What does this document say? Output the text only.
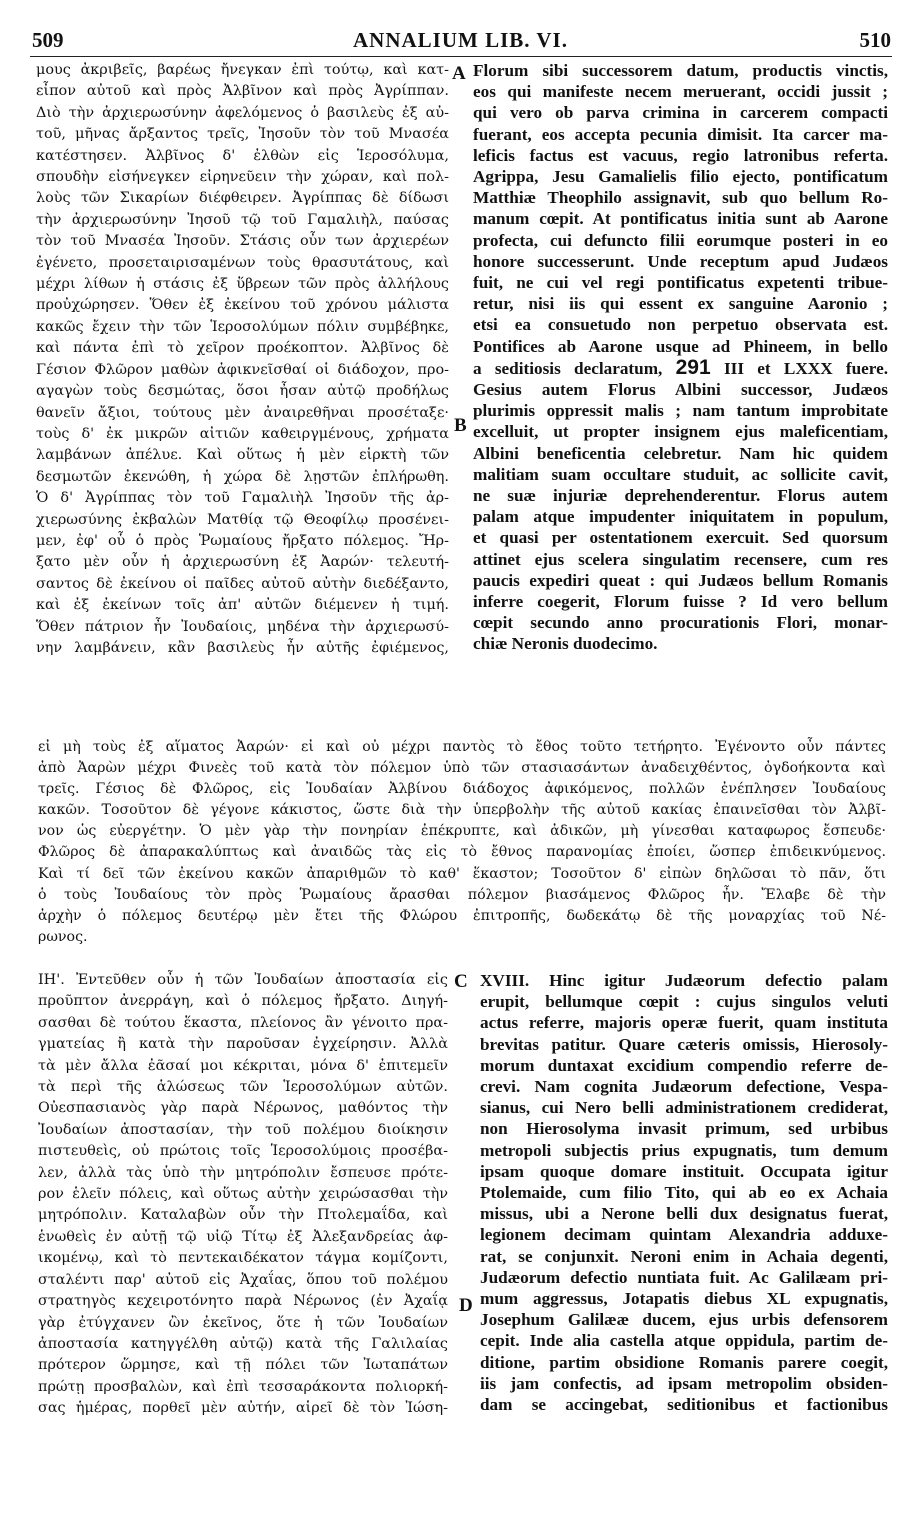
509	ANNALIUM LIB. VI.	510
A
B
C
D
μους ἀκριβεῖς, βαρέως ἤνεγκαν ἐπὶ τούτῳ, καὶ κατ-
εἶπον αὐτοῦ καὶ πρὸς Ἀλβῖνον καὶ πρὸς Ἀγρίππαν.
Διὸ τὴν ἀρχιερωσύνην ἀφελόμενος ὁ βασιλεὺς ἐξ αὐ-
τοῦ, μῆνας ἄρξαντος τρεῖς, Ἰησοῦν τὸν τοῦ Μνασέα
κατέστησεν. Ἀλβῖνος δ' ἐλθὼν εἰς Ἱεροσόλυμα,
σπουδὴν εἰσήνεγκεν εἰρηνεῦειν τὴν χώραν, καὶ πολ-
λοὺς τῶν Σικαρίων διέφθειρεν. Ἀγρίππας δὲ δίδωσι
τὴν ἀρχιερωσύνην Ἰησοῦ τῷ τοῦ Γαμαλιὴλ, παύσας
τὸν τοῦ Μνασέα Ἰησοῦν. Στάσις οὖν των ἀρχιερέων
ἐγένετο, προσεταιρισαμένων τοὺς θρασυτάτους, καὶ
μέχρι λίθων ἡ στάσις ἐξ ὕβρεων τῶν πρὸς ἀλλήλους
προὐχώρησεν. Ὅθεν ἐξ ἐκείνου τοῦ χρόνου μάλιστα
κακῶς ἔχειν τὴν τῶν Ἱεροσολύμων πόλιν συμβέβηκε,
καὶ πάντα ἐπὶ τὸ χεῖρον προέκοπτον. Ἀλβῖνος δὲ
Γέσιον Φλῶρον μαθὼν ἀφικνεῖσθαί οἱ διάδοχον, προ-
αγαγὼν τοὺς δεσμώτας, ὅσοι ἦσαν αὐτῷ προδήλως
θανεῖν ἄξιοι, τούτους μὲν ἀναιρεθῆναι προσέταξε·
τοὺς δ' ἐκ μικρῶν αἰτιῶν καθειργμένους, χρήματα
λαμβάνων ἀπέλυε. Καὶ οὕτως ἡ μὲν εἱρκτὴ τῶν
δεσμωτῶν ἐκενώθη, ἡ χώρα δὲ λῃστῶν ἐπλήρωθη.
Ὁ δ' Ἀγρίππας τὸν τοῦ Γαμαλιὴλ Ἰησοῦν τῆς ἀρ-
χιερωσύνης ἐκβαλὼν Ματθίᾳ τῷ Θεοφίλῳ προσένει-
μεν, ἐφ' οὗ ὁ πρὸς Ῥωμαίους ἤρξατο πόλεμος. Ἤρ-
ξατο μὲν οὖν ἡ ἀρχιερωσύνη ἐξ Ἀαρών· τελευτή-
σαντος δὲ ἐκείνου οἱ παῖδες αὐτοῦ αὐτὴν διεδέξαντο,
καὶ ἐξ ἐκείνων τοῖς ἀπ' αὐτῶν διέμενεν ἡ τιμή.
Ὅθεν πάτριον ἦν Ἰουδαίοις, μηδένα τὴν ἀρχιερωσύ-
νην λαμβάνειν, κἂν βασιλεὺς ἦν αὐτῆς ἐφιέμενος,
Florum sibi successorem datum, productis vinctis,
eos qui manifeste necem meruerant, occidi jussit ;
qui vero ob parva crimina in carcerem compacti
fuerant, eos accepta pecunia dimisit. Ita carcer ma-
leficis factus est vacuus, regio latronibus referta.
Agrippa, Jesu Gamalielis filio ejecto, pontificatum
Matthiæ Theophilo assignavit, sub quo bellum Ro-
manum cœpit. At pontificatus initia sunt ab Aarone
profecta, cui defuncto filii eorumque posteri in eo
honore successerunt. Unde receptum apud Judæos
fuit, ne cui vel regi pontificatus expetenti tribue-
retur, nisi iis qui essent ex sanguine Aaronio ;
etsi ea consuetudo non perpetuo observata est.
Pontifices ab Aarone usque ad Phineem, in bello
a seditiosis declaratum, 291 III et LXXX fuere.
Gesius autem Florus Albini successor, Judæos
plurimis oppressit malis ; nam tantum improbitate
excelluit, ut propter insignem ejus maleficentiam,
Albini beneficentia celebretur. Nam hic quidem
malitiam suam occultare studuit, ac sollicite cavit,
ne suæ injuriæ deprehenderentur. Florus autem
palam atque impudenter iniquitatem in populum,
et quasi per ostentationem exercuit. Sed quorsum
attinet ejus scelera singulatim recensere, cum res
paucis expediri queat : qui Judæos bellum Romanis
inferre coegerit, Florum fuisse ? Id vero bellum
cœpit secundo anno procurationis Flori, monar-
chiæ Neronis duodecimo.
εἰ μὴ τοὺς ἐξ αἵματος Ἀαρών· εἰ καὶ οὐ μέχρι παντὸς τὸ ἔθος τοῦτο τετήρητο. Ἐγένοντο οὖν πάντες
ἀπὸ Ἀαρὼν μέχρι Φινεὲς τοῦ κατὰ τὸν πόλεμον ὑπὸ τῶν στασιασάντων ἀναδειχθέντος, ὀγδοήκοντα καὶ
τρεῖς. Γέσιος δὲ Φλῶρος, εἰς Ἰουδαίαν Ἀλβίνου διάδοχος ἀφικόμενος, πολλῶν ἐνέπλησεν Ἰουδαίους
κακῶν. Τοσοῦτον δὲ γέγονε κάκιστος, ὥστε διὰ τὴν ὑπερβολὴν τῆς αὐτοῦ κακίας ἐπαινεῖσθαι τὸν Ἀλβῖ-
νον ὡς εὐεργέτην. Ὁ μὲν γὰρ τὴν πονηρίαν ἐπέκρυπτε, καὶ ἀδικῶν, μὴ γίνεσθαι καταφωρος ἔσπευδε·
Φλῶρος δὲ ἀπαρακαλύπτως καὶ ἀναιδῶς τὰς εἰς τὸ ἔθνος παρανομίας ἐποίει, ὥσπερ ἐπιδεικνύμενος.
Καὶ τί δεῖ τῶν ἐκείνου κακῶν ἀπαριθμῶν τὸ καθ' ἕκαστον; Τοσοῦτον δ' εἰπὼν δηλῶσαι τὸ πᾶν, ὅτι
ὁ τοὺς Ἰουδαίους τὸν πρὸς Ῥωμαίους ἄρασθαι πόλεμον βιασάμενος Φλῶρος ἦν. Ἔλαβε δὲ τὴν
ἀρχὴν ὁ πόλεμος δευτέρῳ μὲν ἔτει τῆς Φλώρου ἐπιτροπῆς, δωδεκάτῳ δὲ τῆς μοναρχίας τοῦ Νέ-
ρωνος.
ΙΗ'. Ἐντεῦθεν οὖν ἡ τῶν Ἰουδαίων ἀποστασία εἰς
προῦπτον ἀνερράγη, καὶ ὁ πόλεμος ἤρξατο. Διηγή-
σασθαι δὲ τούτου ἕκαστα, πλείονος ἂν γένοιτο πρα-
γματείας ἢ κατὰ τὴν παροῦσαν ἐγχείρησιν. Ἀλλὰ
τὰ μὲν ἄλλα ἐᾶσαί μοι κέκριται, μόνα δ' ἐπιτεμεῖν
τὰ περὶ τῆς ἁλώσεως τῶν Ἱεροσολύμων αὐτῶν.
Οὐεσπασιανὸς γὰρ παρὰ Νέρωνος, μαθόντος τὴν
Ἰουδαίων ἀποστασίαν, τὴν τοῦ πολέμου διοίκησιν
πιστευθεὶς, οὐ πρώτοις τοῖς Ἱεροσολύμοις προσέβα-
λεν, ἀλλὰ τὰς ὑπὸ τὴν μητρόπολιν ἔσπευσε πρότε-
ρον ἑλεῖν πόλεις, καὶ οὕτως αὐτὴν χειρώσασθαι τὴν
μητρόπολιν. Καταλαβὼν οὖν τὴν Πτολεμαΐδα, καὶ
ἑνωθεὶς ἐν αὐτῇ τῷ υἱῷ Τίτῳ ἐξ Ἀλεξανδρείας ἀφ-
ικομένῳ, καὶ τὸ πεντεκαιδέκατον τάγμα κομίζοντι,
σταλέντι παρ' αὐτοῦ εἰς Ἀχαΐας, ὅπου τοῦ πολέμου
στρατηγὸς κεχειροτόνητο παρὰ Νέρωνος (ἐν Ἀχαΐᾳ
γὰρ ἐτύγχανεν ὢν ἐκεῖνος, ὅτε ἡ τῶν Ἰουδαίων
ἀποστασία κατηγγέλθη αὐτῷ) κατὰ τῆς Γαλιλαίας
πρότερον ὥρμησε, καὶ τῇ πόλει τῶν Ἰωταπάτων
πρώτῃ προσβαλὼν, καὶ ἐπὶ τεσσαράκοντα πολιορκή-
σας ἡμέρας, πορθεῖ μὲν αὐτήν, αἱρεῖ δὲ τὸν Ἰώση-
XVIII. Hinc igitur Judæorum defectio palam
erupit, bellumque cœpit : cujus singulos veluti
actus referre, majoris operæ fuerit, quam instituta
brevitas patitur. Quare cæteris omissis, Hierosoly-
morum duntaxat excidium compendio referre de-
crevi. Nam cognita Judæorum defectione, Vespa-
sianus, cui Nero belli administrationem crediderat,
non Hierosolyma invasit primum, sed urbibus
metropoli subjectis prius expugnatis, tum demum
ipsam quoque domare instituit. Occupata igitur
Ptolemaide, cum filio Tito, qui ab eo ex Achaia
missus, ubi a Nerone belli dux designatus fuerat,
legionem decimam quintam Alexandria adduxe-
rat, se conjunxit. Neroni enim in Achaia degenti,
Judæorum defectio nuntiata fuit. Ac Galilæam pri-
mum aggressus, Jotapatis diebus XL expugnatis,
Josephum Galilææ ducem, ejus urbis defensorem
cepit. Inde alia castella atque oppidula, partim de-
ditione, partim obsidione Romanis parere coegit,
iis jam confectis, ad ipsam metropolim obsiden-
dam se accingebat, seditionibus et factionibus
